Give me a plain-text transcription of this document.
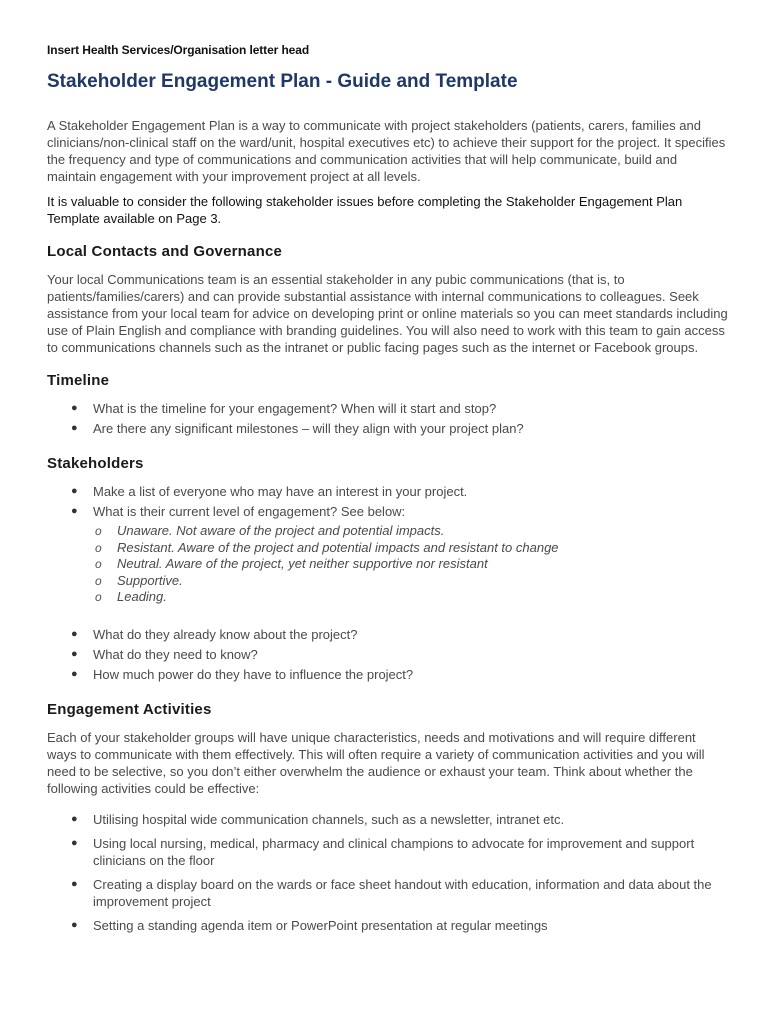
Insert Health Services/Organisation letter head
Stakeholder Engagement Plan - Guide and Template

A Stakeholder Engagement Plan is a way to communicate with project stakeholders (patients, carers, families and clinicians/non-clinical staff on the ward/unit, hospital executives etc) to achieve their support for the project. It specifies the frequency and type of communications and communication activities that will help communicate, build and maintain engagement with your improvement project at all levels.

It is valuable to consider the following stakeholder issues before completing the Stakeholder Engagement Plan Template available on Page 3.

Local Contacts and Governance

Your local Communications team is an essential stakeholder in any pubic communications (that is, to patients/families/carers) and can provide substantial assistance with internal communications to colleagues. Seek assistance from your local team for advice on developing print or online materials so you can meet standards including use of Plain English and compliance with branding guidelines. You will also need to work with this team to gain access to communications channels such as the intranet or public facing pages such as the internet or Facebook groups.

Timeline
● What is the timeline for your engagement? When will it start and stop?
● Are there any significant milestones – will they align with your project plan?
Stakeholders
● Make a list of everyone who may have an interest in your project.
● What is their current level of engagement? See below:
o Unaware. Not aware of the project and potential impacts.
o Resistant. Aware of the project and potential impacts and resistant to change
o Neutral. Aware of the project, yet neither supportive nor resistant
o Supportive.
o Leading.
● What do they already know about the project?
● What do they need to know?
● How much power do they have to influence the project?
Engagement Activities

Each of your stakeholder groups will have unique characteristics, needs and motivations and will require different ways to communicate with them effectively. This will often require a variety of communication activities and you will need to be selective, so you don’t either overwhelm the audience or exhaust your team. Think about whether the following activities could be effective:

● Utilising hospital wide communication channels, such as a newsletter, intranet etc.
● Using local nursing, medical, pharmacy and clinical champions to advocate for improvement and support clinicians on the floor
● Creating a display board on the wards or face sheet handout with education, information and data about the improvement project
● Setting a standing agenda item or PowerPoint presentation at regular meetings
